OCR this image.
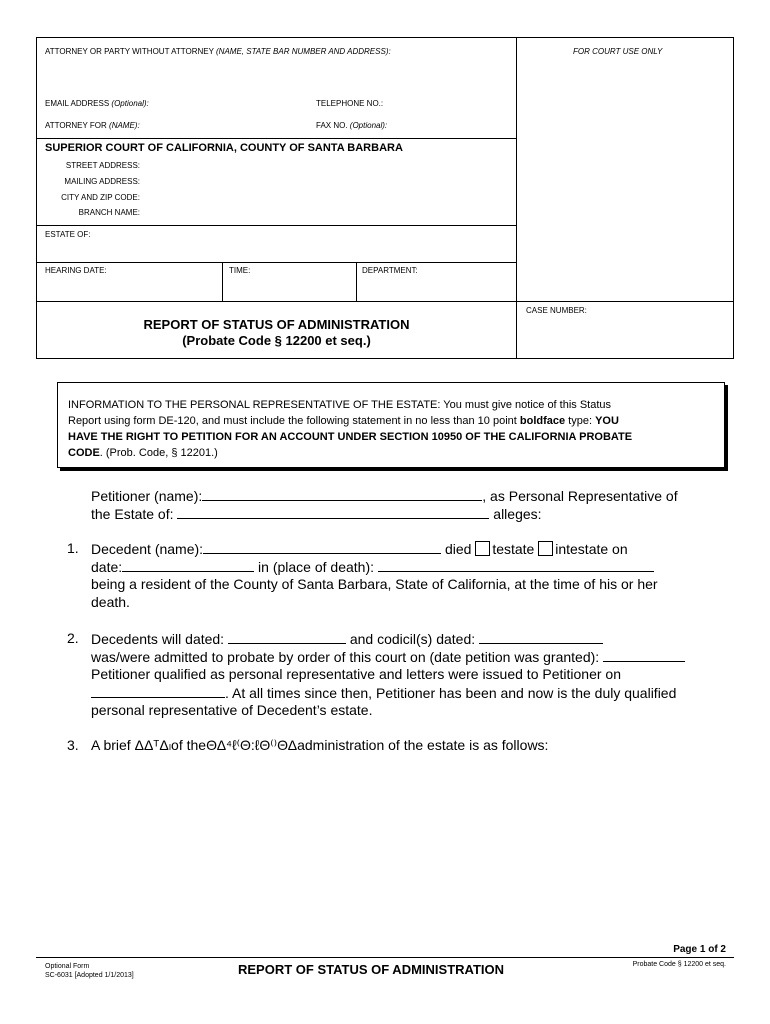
ATTORNEY OR PARTY WITHOUT ATTORNEY (NAME, STATE BAR NUMBER AND ADDRESS):	FOR COURT USE ONLY
EMAIL ADDRESS (Optional):	TELEPHONE NO.:
ATTORNEY FOR (NAME):	FAX NO. (Optional):
SUPERIOR COURT OF CALIFORNIA, COUNTY OF SANTA BARBARA
STREET ADDRESS:
MAILING ADDRESS:
CITY AND ZIP CODE:
BRANCH NAME:
ESTATE OF:
HEARING DATE:	TIME:	DEPARTMENT:
CASE NUMBER:
REPORT OF STATUS OF ADMINISTRATION
(Probate Code § 12200 et seq.)
INFORMATION TO THE PERSONAL REPRESENTATIVE OF THE ESTATE: You must give notice of this Status
Report using form DE-120, and must include the following statement in no less than 10 point boldface type: YOU
HAVE THE RIGHT TO PETITION FOR AN ACCOUNT UNDER SECTION 10950 OF THE CALIFORNIA PROBATE
CODE. (Prob. Code, § 12201.)
Petitioner (name):	, as Personal Representative of
the Estate of:	alleges:
1. Decedent (name):	died testate intestate on
date:	in (place of death):
being a resident of the County of Santa Barbara, State of California, at the time of his or her
death.
2. Decedents will dated:	and codicil(s) dated:
was/were admitted to probate by order of this court on (date petition was granted):
Petitioner qualified as personal representative and letters were issued to Petitioner on
. At all times since then, Petitioner has been and now is the duly qualified
personal representative of Decedent’s estate.
3. A brief ΔΔᵀΔₗof theΘΔ⁴ℓ⁽Θ:ℓΘ⁽⁾ΘΔadministration of the estate is as follows:
Page 1 of 2
Optional Form
SC-6031 [Adopted 1/1/2013]	REPORT OF STATUS OF ADMINISTRATION	Probate Code § 12200 et seq.
